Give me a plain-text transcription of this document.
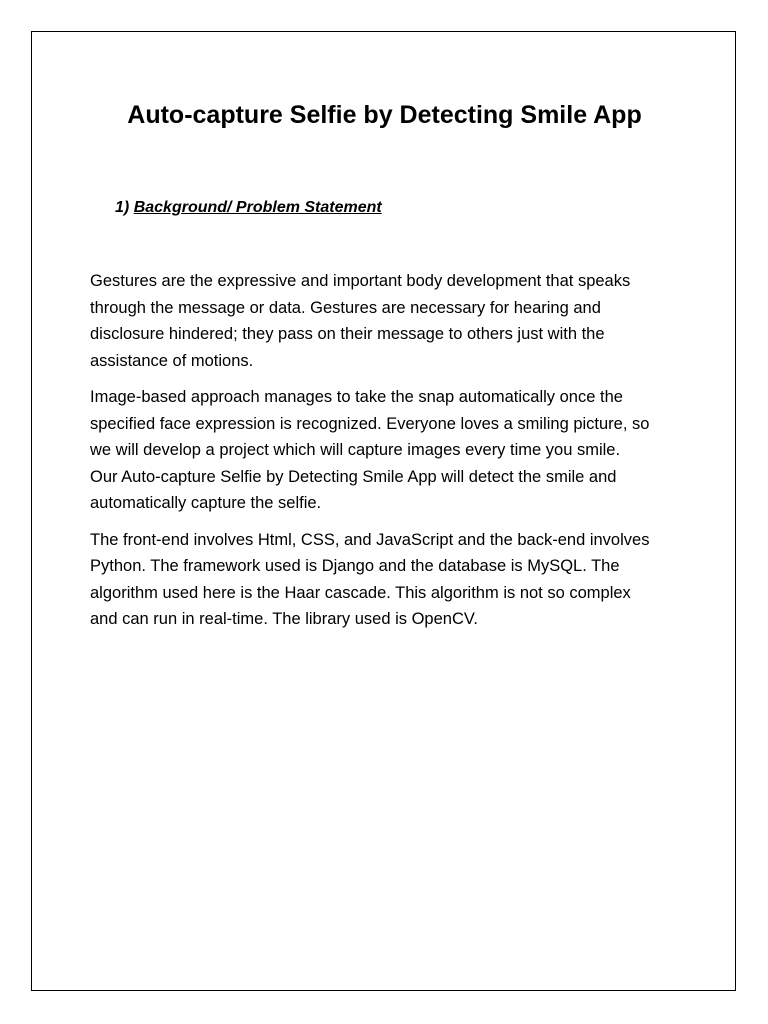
Auto-capture Selfie by Detecting Smile App
1) Background/ Problem Statement

Gestures are the expressive and important body development that speaks through the message or data. Gestures are necessary for hearing and disclosure hindered; they pass on their message to others just with the assistance of motions.

Image-based approach manages to take the snap automatically once the specified face expression is recognized. Everyone loves a smiling picture, so we will develop a project which will capture images every time you smile. Our Auto-capture Selfie by Detecting Smile App will detect the smile and automatically capture the selfie.

The front-end involves Html, CSS, and JavaScript and the back-end involves Python. The framework used is Django and the database is MySQL. The algorithm used here is the Haar cascade. This algorithm is not so complex and can run in real-time. The library used is OpenCV.
